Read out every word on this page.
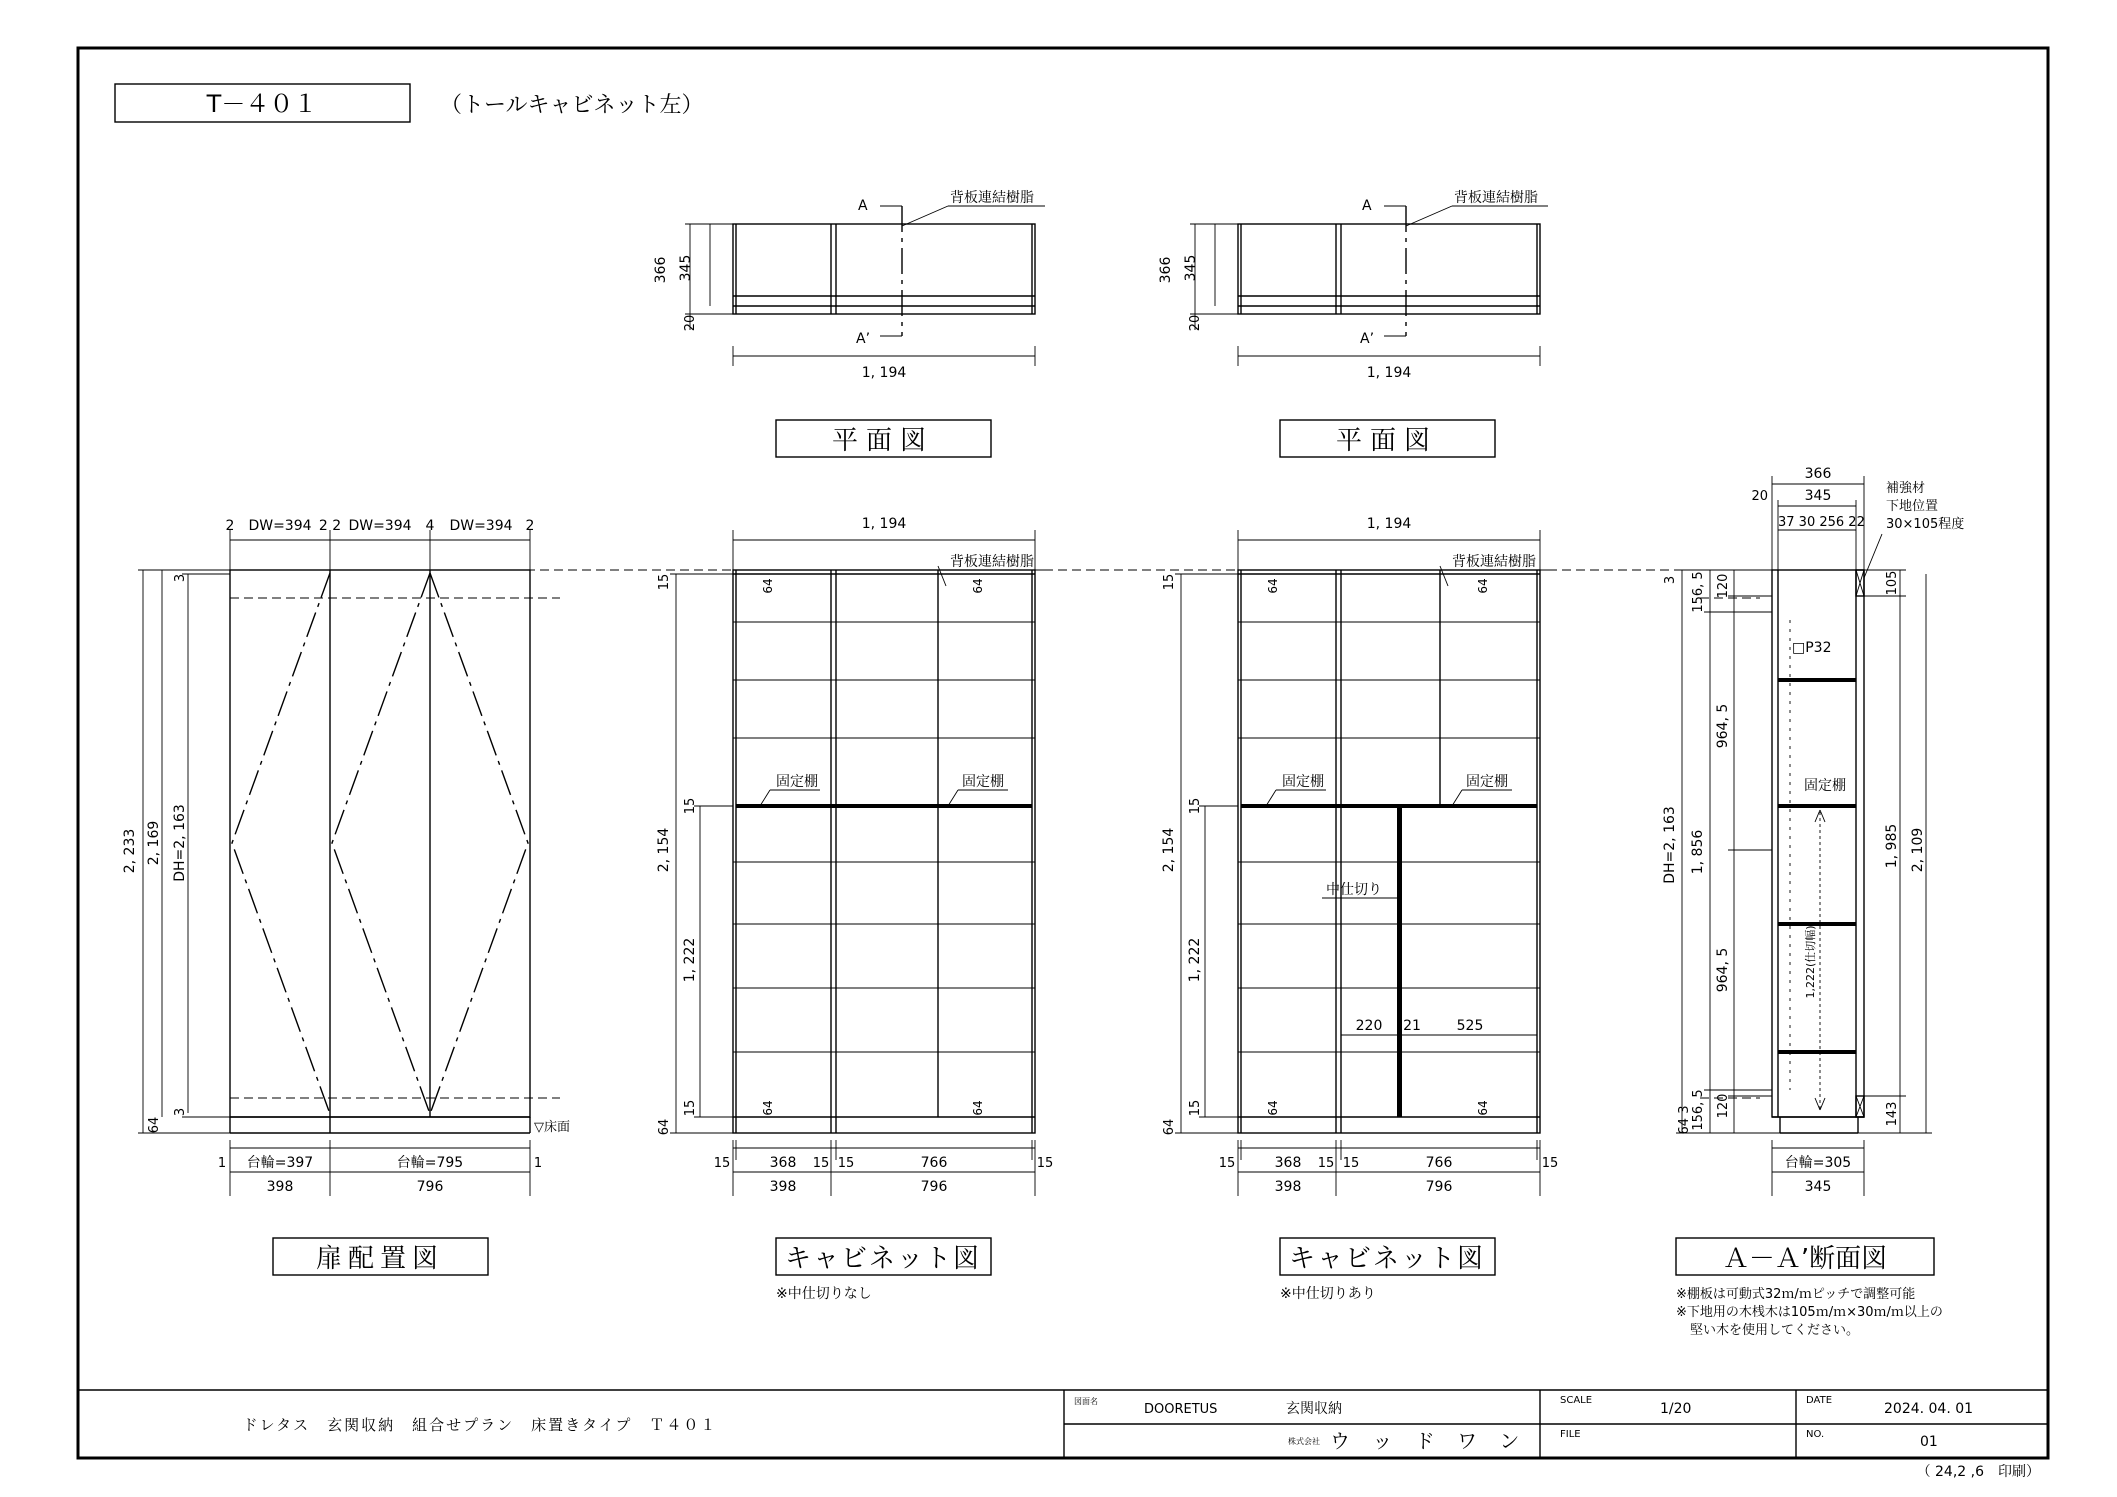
T－４０１	（トールキャビネット左）
A
A’
背板連結樹脂
1, 194
366 345
20
平面図
A
A’
背板連結樹脂
1, 194
366 345
20
平面図
▽床面
2 DW=394 2 2 DW=394 4 DW=394 2
2, 233 2, 169 DH=2, 163
3
3
64
1 台輪=397	台輪=795	1
398	796
扉配置図
背板連結樹脂
固定棚	固定棚
64	64
64	64
1, 194
2, 154
1, 222
15
15
15
64
15	368 15 15	766	15
398	796
キャビネット図
※中仕切りなし
背板連結樹脂
固定棚	固定棚
中仕切り
220 21	525
64	64
64	64
1, 194
2, 154
1, 222
15
15
15
64
15	368 15 15	766	15
398	796
キャビネット図
※中仕切りあり
□P32
固定棚
1,222(仕切幅)
366
345
20
37 30 256 22
補強材
下地位置
30×105程度
DH=2, 163 1, 856
156, 5
156, 5
120
120
964, 5
964, 5
3
64 3
105
1, 985 2, 109
143
台輪=305
345
Ａ－Ａ’断面図
※棚板は可動式32ｍ/ｍピッチで調整可能
※下地用の木桟木は105ｍ/ｍ×30ｍ/ｍ以上の
堅い木を使用してください。
ドレタス　玄関収納　組合せプラン　床置きタイプ　Ｔ４０１
図面名
DOORETUS	玄関収納
株式会社 ウ ッ ド ワ ン
SCALE
1/20
FILE
DATE
2024. 04. 01
NO.	01
（ 24,2 ,6　印刷）
